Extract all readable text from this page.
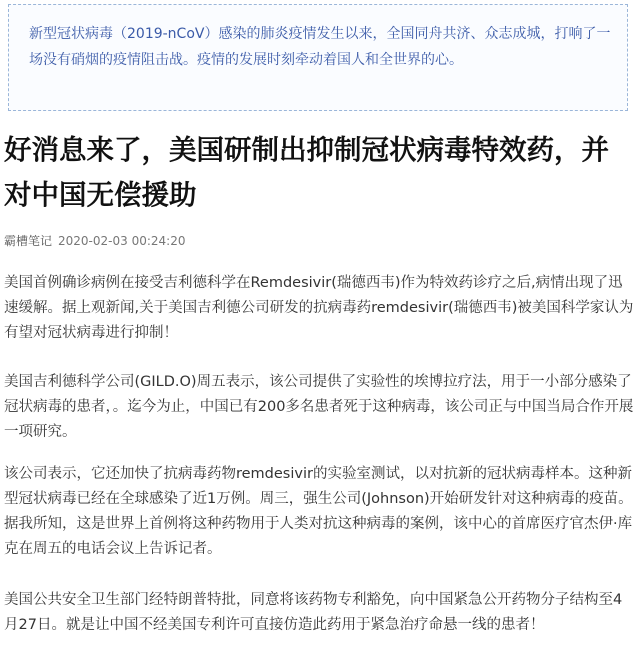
新型冠状病毒（2019-nCoV）感染的肺炎疫情发生以来，全国同舟共济、众志成城，打响了一场没有硝烟的疫情阻击战。疫情的发展时刻牵动着国人和全世界的心。

好消息来了，美国研制出抑制冠状病毒特效药，并对中国无偿援助
霸槽笔记 2020-02-03 00:24:20

美国首例确诊病例在接受吉利德科学在Remdesivir(瑞德西韦)作为特效药诊疗之后,病情出现了迅速缓解。据上观新闻,关于美国吉利德公司研发的抗病毒药remdesivir(瑞德西韦)被美国科学家认为有望对冠状病毒进行抑制！

美国吉利德科学公司(GILD.O)周五表示，该公司提供了实验性的埃博拉疗法，用于一小部分感染了冠状病毒的患者，。迄今为止，中国已有200多名患者死于这种病毒，该公司正与中国当局合作开展一项研究。

该公司表示，它还加快了抗病毒药物remdesivir的实验室测试，以对抗新的冠状病毒样本。这种新型冠状病毒已经在全球感染了近1万例。周三，强生公司(Johnson)开始研发针对这种病毒的疫苗。据我所知，这是世界上首例将这种药物用于人类对抗这种病毒的案例，该中心的首席医疗官杰伊·库克在周五的电话会议上告诉记者。

美国公共安全卫生部门经特朗普特批，同意将该药物专利豁免，向中国紧急公开药物分子结构至4月27日。就是让中国不经美国专利许可直接仿造此药用于紧急治疗命悬一线的患者！
